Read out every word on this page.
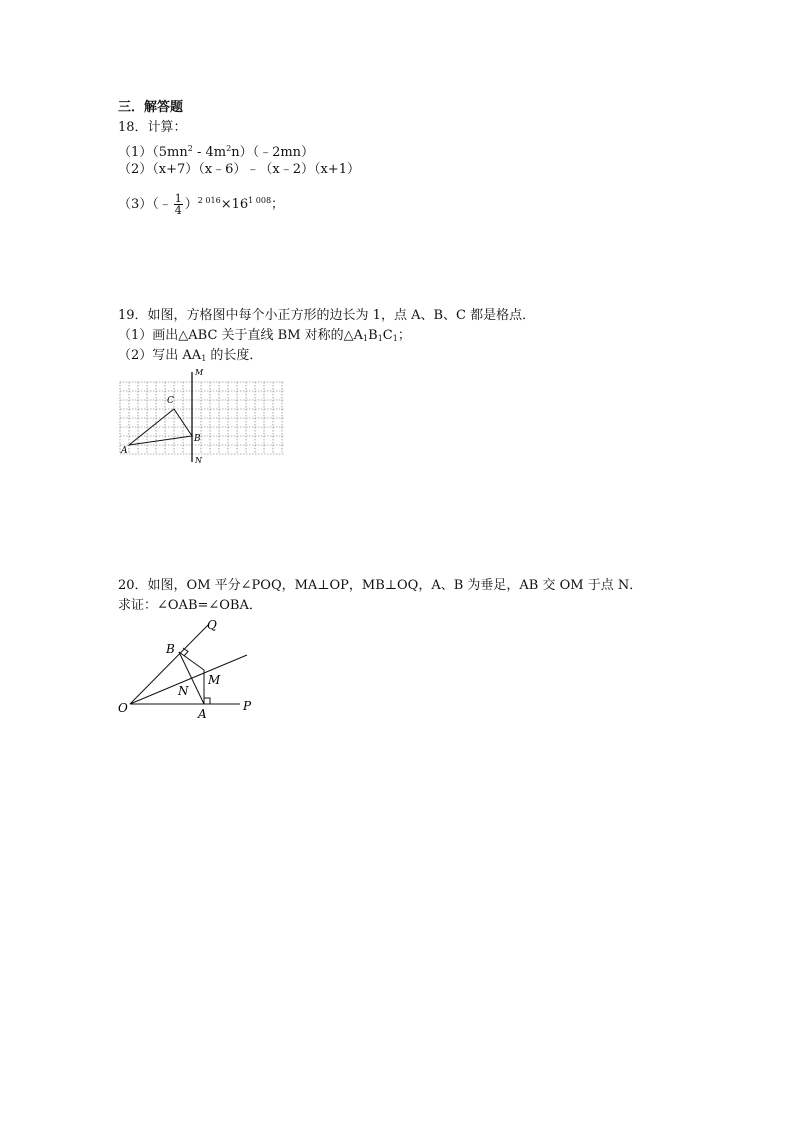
三．解答题
18．计算：
$(1)(5mn^2$ - $4m^2n)(﹣2mn)$
（2）（x+7）（x﹣6）﹣（x﹣2）（x+1）
（3）（﹣ $\frac{1}{4} )^{2 016}\times 16^{1 008}$；
19．如图，方格图中每个小正方形的边长为 1，点 A、B、C 都是格点．
（1）画出△ABC 关于直线 BM 对称的$\triangle A_1B_1C_1$；
（2）写出 $AA_1$ 的长度．
M
N
C
B
A
20．如图，OM 平分∠POQ，MA⊥OP，MB⊥OQ，A、B 为垂足，AB 交 OM 于点 N．
求证：∠OAB=∠OBA．
Q
B
M
N
O	A
P
